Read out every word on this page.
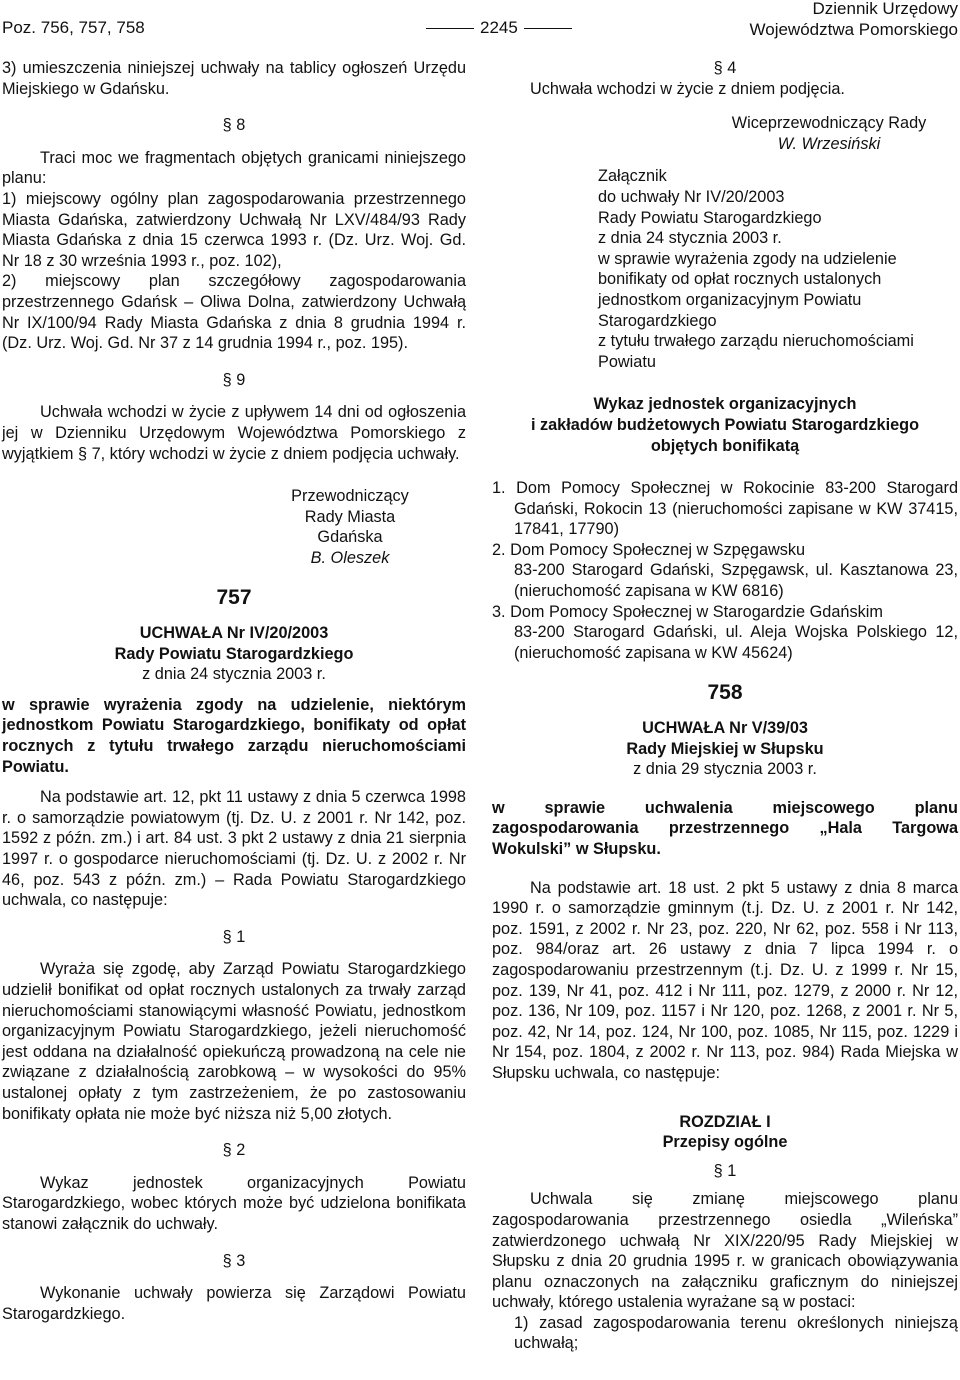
Poz. 756, 757, 758	2245
Dziennik Urzędowy
Województwa Pomorskiego

3) umieszczenia niniejszej uchwały na tablicy ogłoszeń Urzędu Miejskiego w Gdańsku.

§ 8

Traci moc we fragmentach objętych granicami niniejszego planu:

1) miejscowy ogólny plan zagospodarowania przestrzennego Miasta Gdańska, zatwierdzony Uchwałą Nr LXV/484/93 Rady Miasta Gdańska z dnia 15 czerwca 1993 r. (Dz. Urz. Woj. Gd. Nr 18 z 30 września 1993 r., poz. 102),

2) miejscowy plan szczegółowy zagospodarowania przestrzennego Gdańsk – Oliwa Dolna, zatwierdzony Uchwałą Nr IX/100/94 Rady Miasta Gdańska z dnia 8 grudnia 1994 r. (Dz. Urz. Woj. Gd. Nr 37 z 14 grudnia 1994 r., poz. 195).

§ 9

Uchwała wchodzi w życie z upływem 14 dni od ogłoszenia jej w Dzienniku Urzędowym Województwa Pomorskiego z wyjątkiem § 7, który wchodzi w życie z dniem podjęcia uchwały.

Przewodniczący
Rady Miasta Gdańska
B. Oleszek
757

UCHWAŁA Nr IV/20/2003

Rady Powiatu Starogardzkiego

z dnia 24 stycznia 2003 r.

w sprawie wyrażenia zgody na udzielenie, niektórym jednostkom Powiatu Starogardzkiego, bonifikaty od opłat rocznych z tytułu trwałego zarządu nieruchomościami Powiatu.

Na podstawie art. 12, pkt 11 ustawy z dnia 5 czerwca 1998 r. o samorządzie powiatowym (tj. Dz. U. z 2001 r. Nr 142, poz. 1592 z późn. zm.) i art. 84 ust. 3 pkt 2 ustawy z dnia 21 sierpnia 1997 r. o gospodarce nieruchomościami (tj. Dz. U. z 2002 r. Nr 46, poz. 543 z późn. zm.) – Rada Powiatu Starogardzkiego uchwala, co następuje:

§ 1

Wyraża się zgodę, aby Zarząd Powiatu Starogardzkiego udzielił bonifikat od opłat rocznych ustalonych za trwały zarząd nieruchomościami stanowiącymi własność Powiatu, jednostkom organizacyjnym Powiatu Starogardzkiego, jeżeli nieruchomość jest oddana na działalność opiekuńczą prowadzoną na cele nie związane z działalnością zarobkową – w wysokości do 95% ustalonej opłaty z tym zastrzeżeniem, że po zastosowaniu bonifikaty opłata nie może być niższa niż 5,00 złotych.

§ 2

Wykaz jednostek organizacyjnych Powiatu Starogardzkiego, wobec których może być udzielona bonifikata stanowi załącznik do uchwały.

§ 3

Wykonanie uchwały powierza się Zarządowi Powiatu Starogardzkiego.

§ 4

Uchwała wchodzi w życie z dniem podjęcia.

Wiceprzewodniczący Rady
W. Wrzesiński
Załącznik
do uchwały Nr IV/20/2003
Rady Powiatu Starogardzkiego
z dnia 24 stycznia 2003 r.
w sprawie wyrażenia zgody na udzielenie bonifikaty od opłat rocznych ustalonych jednostkom organizacyjnym Powiatu Starogardzkiego
z tytułu trwałego zarządu nieruchomościami Powiatu

Wykaz jednostek organizacyjnych

i zakładów budżetowych Powiatu Starogardzkiego

objętych bonifikatą

1. Dom Pomocy Społecznej w Rokocinie 83-200 Starogard Gdański, Rokocin 13 (nieruchomości zapisane w KW 37415, 17841, 17790)

2. Dom Pomocy Społecznej w Szpęgawsku

83-200 Starogard Gdański, Szpęgawsk, ul. Kasztanowa 23, (nieruchomość zapisana w KW 6816)

3. Dom Pomocy Społecznej w Starogardzie Gdańskim

83-200 Starogard Gdański, ul. Aleja Wojska Polskiego 12, (nieruchomość zapisana w KW 45624)

758

UCHWAŁA Nr V/39/03

Rady Miejskiej w Słupsku

z dnia 29 stycznia 2003 r.

w sprawie uchwalenia miejscowego planu zagospodarowania przestrzennego „Hala Targowa Wokulski” w Słupsku.

Na podstawie art. 18 ust. 2 pkt 5 ustawy z dnia 8 marca 1990 r. o samorządzie gminnym (t.j. Dz. U. z 2001 r. Nr 142, poz. 1591, z 2002 r. Nr 23, poz. 220, Nr 62, poz. 558 i Nr 113, poz. 984/oraz art. 26 ustawy z dnia 7 lipca 1994 r. o zagospodarowaniu przestrzennym (t.j. Dz. U. z 1999 r. Nr 15, poz. 139, Nr 41, poz. 412 i Nr 111, poz. 1279, z 2000 r. Nr 12, poz. 136, Nr 109, poz. 1157 i Nr 120, poz. 1268, z 2001 r. Nr 5, poz. 42, Nr 14, poz. 124, Nr 100, poz. 1085, Nr 115, poz. 1229 i Nr 154, poz. 1804, z 2002 r. Nr 113, poz. 984) Rada Miejska w Słupsku uchwala, co następuje:

ROZDZIAŁ I

Przepisy ogólne

§ 1

Uchwala się zmianę miejscowego planu zagospodarowania przestrzennego osiedla „Wileńska” zatwierdzonego uchwałą Nr XIX/220/95 Rady Miejskiej w Słupsku z dnia 20 grudnia 1995 r. w granicach obowiązywania planu oznaczonych na załączniku graficznym do niniejszej uchwały, którego ustalenia wyrażane są w postaci:

1) zasad zagospodarowania terenu określonych niniejszą uchwałą;
